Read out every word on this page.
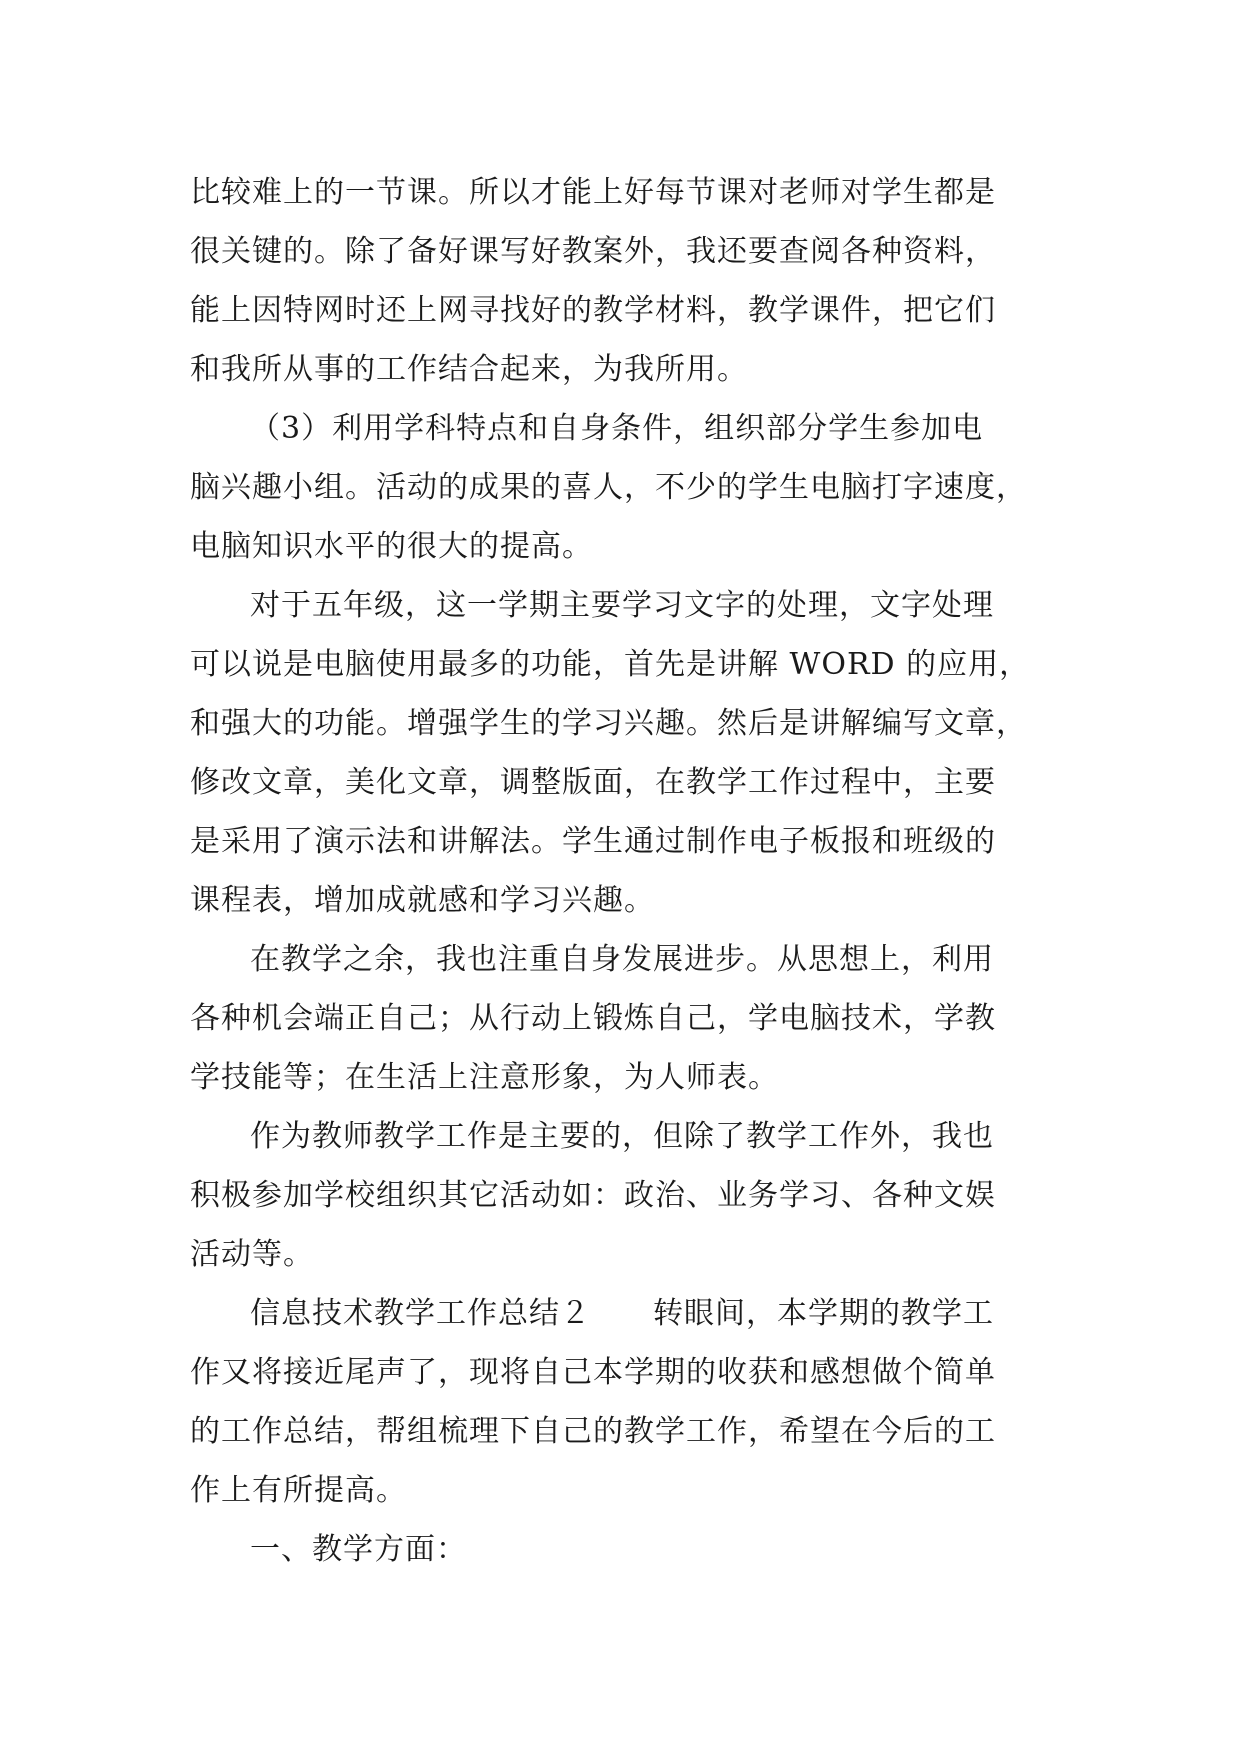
比较难上的一节课。所以才能上好每节课对老师对学生都是
很关键的。除了备好课写好教案外，我还要查阅各种资料，
能上因特网时还上网寻找好的教学材料，教学课件，把它们
和我所从事的工作结合起来，为我所用。
（3）利用学科特点和自身条件，组织部分学生参加电
脑兴趣小组。活动的成果的喜人，不少的学生电脑打字速度，
电脑知识水平的很大的提高。
对于五年级，这一学期主要学习文字的处理，文字处理
可以说是电脑使用最多的功能，首先是讲解 WORD 的应用，
和强大的功能。增强学生的学习兴趣。然后是讲解编写文章，
修改文章，美化文章，调整版面，在教学工作过程中，主要
是采用了演示法和讲解法。学生通过制作电子板报和班级的
课程表，增加成就感和学习兴趣。
在教学之余，我也注重自身发展进步。从思想上，利用
各种机会端正自己；从行动上锻炼自己，学电脑技术，学教
学技能等；在生活上注意形象，为人师表。
作为教师教学工作是主要的，但除了教学工作外，我也
积极参加学校组织其它活动如：政治、业务学习、各种文娱
活动等。
信息技术教学工作总结２　　转眼间，本学期的教学工
作又将接近尾声了，现将自己本学期的收获和感想做个简单
的工作总结，帮组梳理下自己的教学工作，希望在今后的工
作上有所提高。
一、教学方面：
